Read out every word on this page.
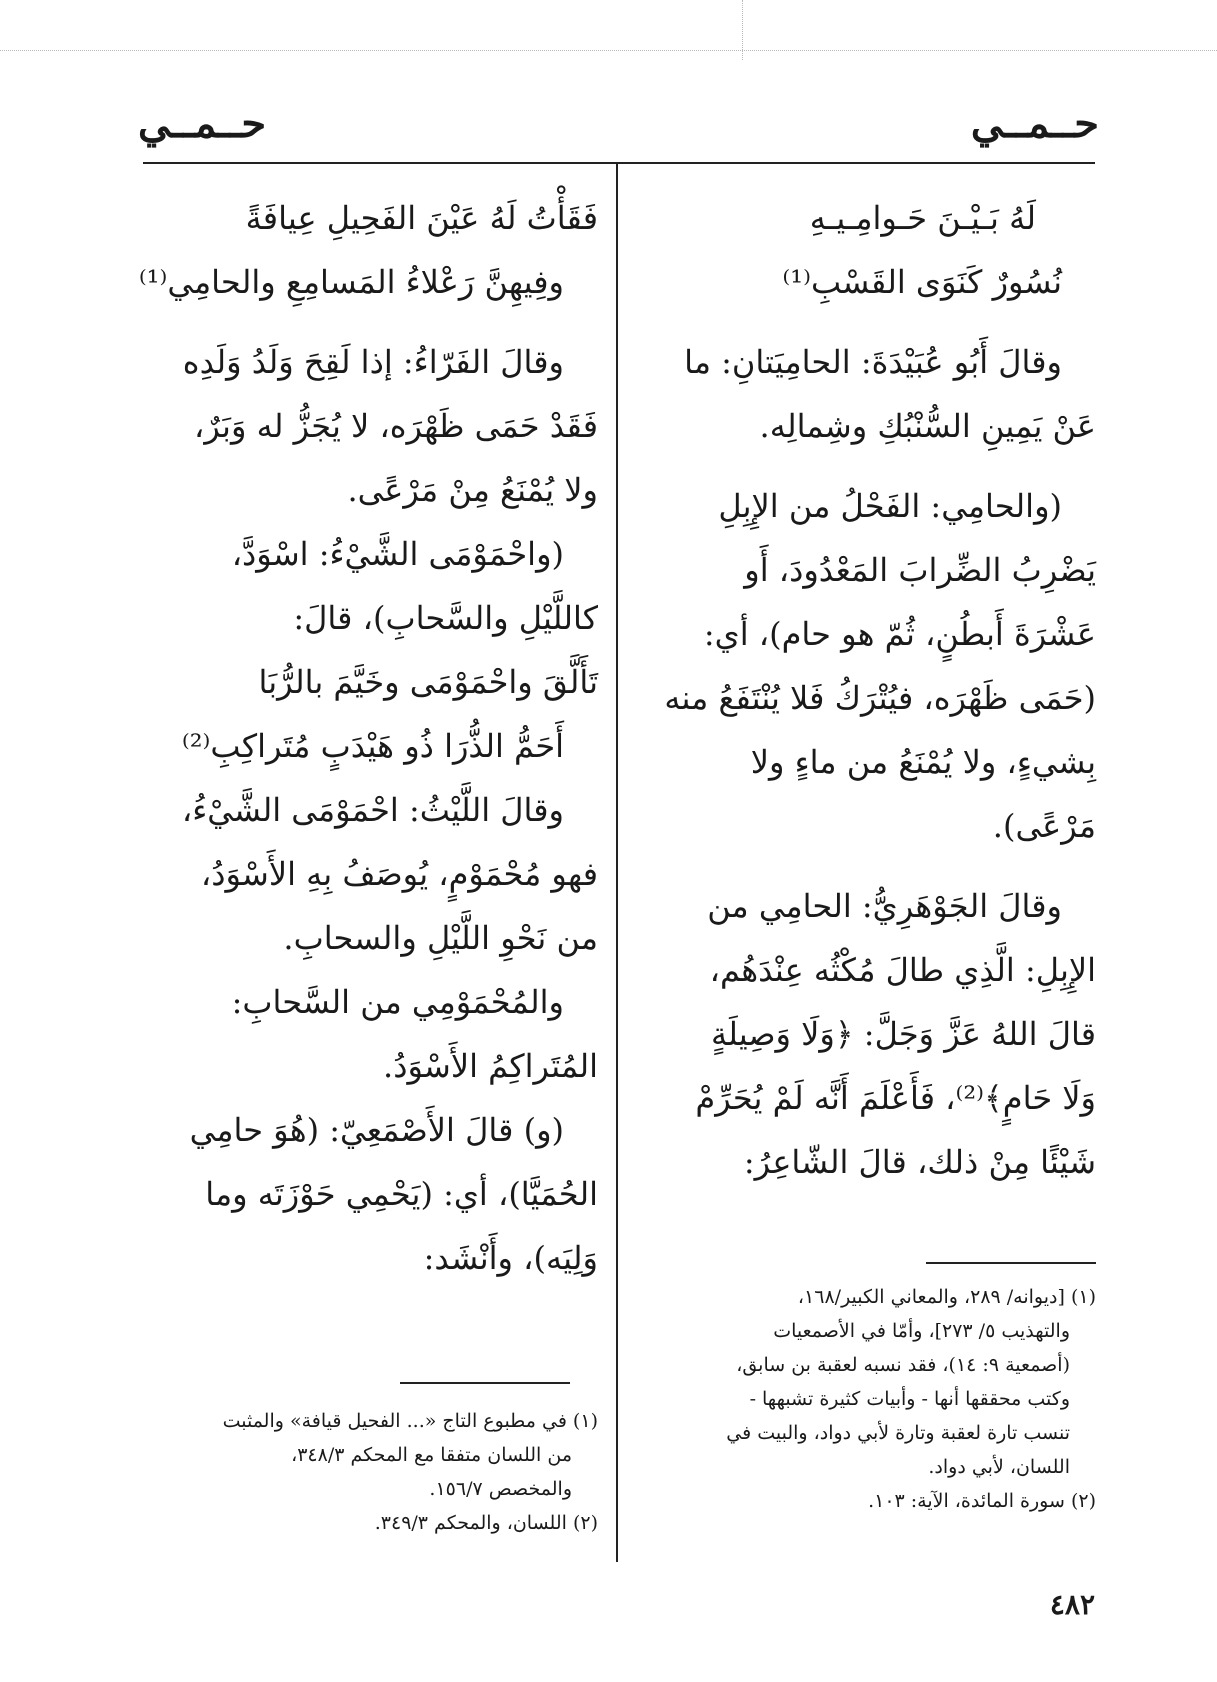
حــمــي
حــمــي
لَهُ بَـيْـنَ حَـوامِـيـهِ
نُسُورٌ كَنَوَى القَسْبِ⁽¹⁾
وقالَ أَبُو عُبَيْدَةَ: الحامِيَتانِ: ما
عَنْ يَمِينِ السُّنْبُكِ وشِمالِه.
(والحامِي: الفَحْلُ من الإِبِلِ
يَضْرِبُ الضِّرابَ المَعْدُودَ، أَو
عَشْرَةَ أَبطُنٍ، ثُمّ هو حام)، أي:
(حَمَى ظَهْرَه، فيُتْرَكُ فَلا يُنْتَفَعُ منه
بِشيءٍ، ولا يُمْنَعُ من ماءٍ ولا
مَرْعًى).
وقالَ الجَوْهَرِيُّ: الحامِي من
الإِبِلِ: الَّذِي طالَ مُكْثُه عِنْدَهُم،
قالَ اللهُ عَزَّ وَجَلَّ: ﴿وَلَا وَصِيلَةٍ
وَلَا حَامٍ﴾⁽²⁾، فَأَعْلَمَ أَنَّه لَمْ يُحَرِّمْ
شَيْئًا مِنْ ذلك، قالَ الشّاعِرُ:
(١) [ديوانه/ ٢٨٩، والمعاني الكبير/١٦٨،
والتهذيب ٥/ ٢٧٣]، وأمّا في الأصمعيات
(أصمعية ٩: ١٤)، فقد نسبه لعقبة بن سابق،
وكتب محققها أنها - وأبيات كثيرة تشبهها -
تنسب تارة لعقبة وتارة لأبي دواد، والبيت في
اللسان، لأبي دواد.
(٢) سورة المائدة، الآية: ١٠٣.
فَقَأْتُ لَهُ عَيْنَ الفَحِيلِ عِيافَةً
وفِيهِنَّ رَعْلاءُ المَسامِعِ والحامِي⁽¹⁾
وقالَ الفَرّاءُ: إذا لَقِحَ وَلَدُ وَلَدِه
فَقَدْ حَمَى ظَهْرَه، لا يُجَزُّ له وَبَرٌ،
ولا يُمْنَعُ مِنْ مَرْعًى.
(واحْمَوْمَى الشَّيْءُ: اسْوَدَّ،
كاللَّيْلِ والسَّحابِ)، قالَ:
تَأَلَّقَ واحْمَوْمَى وخَيَّمَ بالرُّبَا
أَحَمُّ الذُّرَا ذُو هَيْدَبٍ مُتَراكِبِ⁽²⁾
وقالَ اللَّيْثُ: احْمَوْمَى الشَّيْءُ،
فهو مُحْمَوْمٍ، يُوصَفُ بِهِ الأَسْوَدُ،
من نَحْوِ اللَّيْلِ والسحابِ.
والمُحْمَوْمِي من السَّحابِ:
المُتَراكِمُ الأَسْوَدُ.
(و) قالَ الأَصْمَعِيّ: (هُوَ حامِي
الحُمَيَّا)، أي: (يَحْمِي حَوْزَتَه وما
وَلِيَه)، وأَنْشَد:
(١) في مطبوع التاج «... الفحيل قيافة» والمثبت
من اللسان متفقا مع المحكم ٣٤٨/٣،
والمخصص ١٥٦/٧.
(٢) اللسان، والمحكم ٣٤٩/٣.
٤٨٢
